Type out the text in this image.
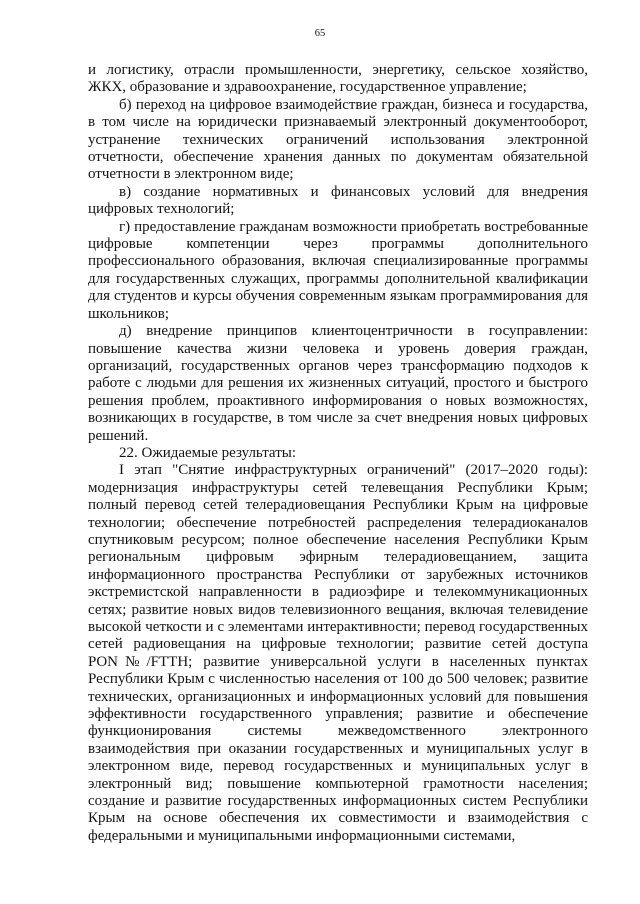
65

и логистику, отрасли промышленности, энергетику, сельское хозяйство, ЖКХ, образование и здравоохранение, государственное управление;

б) переход на цифровое взаимодействие граждан, бизнеса и государства, в том числе на юридически признаваемый электронный документооборот, устранение технических ограничений использования электронной отчетности, обеспечение хранения данных по документам обязательной отчетности в электронном виде;

в) создание нормативных и финансовых условий для внедрения цифровых технологий;

г) предоставление гражданам возможности приобретать востребованные цифровые компетенции через программы дополнительного профессионального образования, включая специализированные программы для государственных служащих, программы дополнительной квалификации для студентов и курсы обучения современным языкам программирования для школьников;

д) внедрение принципов клиентоцентричности в госуправлении: повышение качества жизни человека и уровень доверия граждан, организаций, государственных органов через трансформацию подходов к работе с людьми для решения их жизненных ситуаций, простого и быстрого решения проблем, проактивного информирования о новых возможностях, возникающих в государстве, в том числе за счет внедрения новых цифровых решений.

22. Ожидаемые результаты:

I этап "Снятие инфраструктурных ограничений" (2017–2020 годы): модернизация инфраструктуры сетей телевещания Республики Крым; полный перевод сетей телерадиовещания Республики Крым на цифровые технологии; обеспечение потребностей распределения телерадиоканалов спутниковым ресурсом; полное обеспечение населения Республики Крым региональным цифровым эфирным телерадиовещанием, защита информационного пространства Республики от зарубежных источников экстремистской направленности в радиоэфире и телекоммуникационных сетях; развитие новых видов телевизионного вещания, включая телевидение высокой четкости и с элементами интерактивности; перевод государственных сетей радиовещания на цифровые технологии; развитие сетей доступа PON№/FTTH; развитие универсальной услуги в населенных пунктах Республики Крым с численностью населения от 100 до 500 человек; развитие технических, организационных и информационных условий для повышения эффективности государственного управления; развитие и обеспечение функционирования системы межведомственного электронного взаимодействия при оказании государственных и муниципальных услуг в электронном виде, перевод государственных и муниципальных услуг в электронный вид; повышение компьютерной грамотности населения; создание и развитие государственных информационных систем Республики Крым на основе обеспечения их совместимости и взаимодействия с федеральными и муниципальными информационными системами,
